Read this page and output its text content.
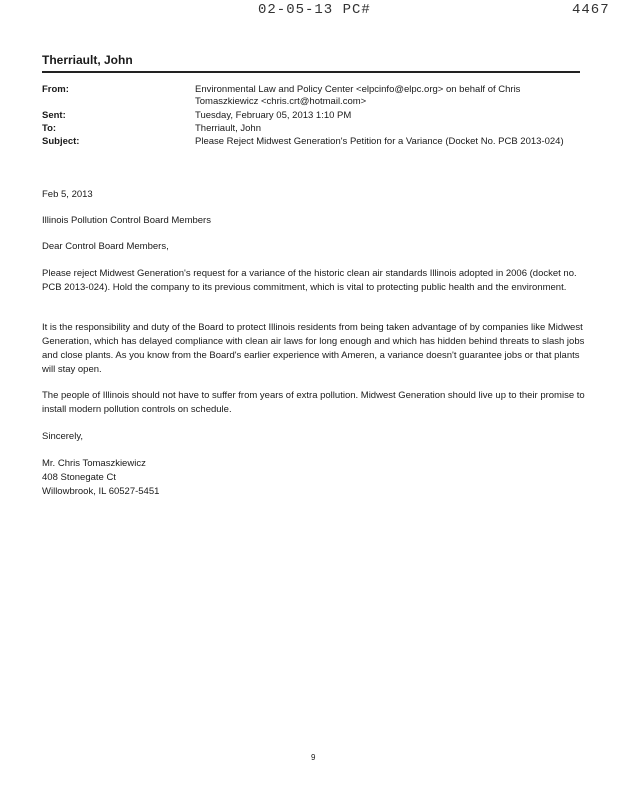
02-05-13 PC#	4467
Therriault, John
From:	Environmental Law and Policy Center <elpcinfo@elpc.org> on behalf of Chris
Tomaszkiewicz <chris.crt@hotmail.com>
Sent:	Tuesday, February 05, 2013 1:10 PM
To:	Therriault, John
Subject:	Please Reject Midwest Generation's Petition for a Variance (Docket No. PCB 2013-024)
Feb 5, 2013
Illinois Pollution Control Board Members
Dear Control Board Members,

Please reject Midwest Generation's request for a variance of the historic clean air standards Illinois adopted in 2006 (docket no. PCB 2013-024). Hold the company to its previous commitment, which is vital to protecting public health and the environment.

It is the responsibility and duty of the Board to protect Illinois residents from being taken advantage of by companies like Midwest Generation, which has delayed compliance with clean air laws for long enough and which has hidden behind threats to slash jobs and close plants. As you know from the Board's earlier experience with Ameren, a variance doesn't guarantee jobs or that plants will stay open.

The people of Illinois should not have to suffer from years of extra pollution. Midwest Generation should live up to their promise to install modern pollution controls on schedule.

Sincerely,
Mr. Chris Tomaszkiewicz
408 Stonegate Ct
Willowbrook, IL 60527-5451
9
